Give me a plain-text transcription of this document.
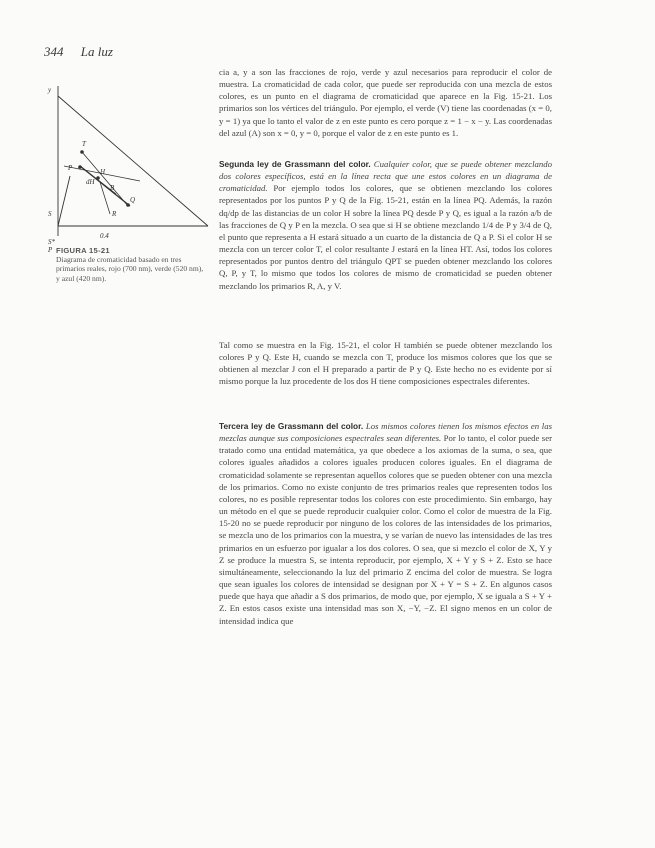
344 La luz
y
T
P	H
dH
Q
B
R
S
S*
P
0.4
FIGURA 15-21
Diagrama de cromaticidad basado en tres primarios reales, rojo (700 nm), verde (520 nm), y azul (420 nm).

cia a, y a son las fracciones de rojo, verde y azul necesarios para reproducir el color de muestra. La cromaticidad de cada color, que puede ser reproducida con una mezcla de estos colores, es un punto en el diagrama de cromaticidad que aparece en la Fig. 15-21. Los primarios son los vértices del triángulo. Por ejemplo, el verde (V) tiene las coordenadas (x = 0, y = 1) ya que lo tanto el valor de z en este punto es cero porque z = 1 − x − y. Las coordenadas del azul (A) son x = 0, y = 0, porque el valor de z en este punto es 1.

Segunda ley de Grassmann del color. Cualquier color, que se puede obtener mezclando dos colores específicos, está en la línea recta que une estos colores en un diagrama de cromaticidad. Por ejemplo todos los colores, que se obtienen mezclando los colores representados por los puntos P y Q de la Fig. 15-21, están en la línea PQ. Además, la razón dq/dp de las distancias de un color H sobre la línea PQ desde P y Q, es igual a la razón a/b de las fracciones de Q y P en la mezcla. O sea que si H se obtiene mezclando 1/4 de P y 3/4 de Q, el punto que representa a H estará situado a un cuarto de la distancia de Q a P. Si el color H se mezcla con un tercer color T, el color resultante J estará en la línea HT. Así, todos los colores representados por puntos dentro del triángulo QPT se pueden obtener mezclando los colores Q, P, y T, lo mismo que todos los colores de mismo de cromaticidad se pueden obtener mezclando los primarios R, A, y V.

Tal como se muestra en la Fig. 15-21, el color H también se puede obtener mezclando los colores P y Q. Este H, cuando se mezcla con T, produce los mismos colores que los que se obtienen al mezclar J con el H preparado a partir de P y Q. Este hecho no es evidente por sí mismo porque la luz procedente de los dos H tiene composiciones espectrales diferentes.

Tercera ley de Grassmann del color. Los mismos colores tienen los mismos efectos en las mezclas aunque sus composiciones espectrales sean diferentes. Por lo tanto, el color puede ser tratado como una entidad matemática, ya que obedece a los axiomas de la suma, o sea, que colores iguales añadidos a colores iguales producen colores iguales. En el diagrama de cromaticidad solamente se representan aquellos colores que se pueden obtener con una mezcla de los primarios. Como no existe conjunto de tres primarios reales que representen todos los colores, no es posible representar todos los colores con este procedimiento. Sin embargo, hay un método en el que se puede reproducir cualquier color. Como el color de muestra de la Fig. 15-20 no se puede reproducir por ninguno de los colores de las intensidades de los primarios, se mezcla uno de los primarios con la muestra, y se varían de nuevo las intensidades de las tres primarios en un esfuerzo por igualar a los dos colores. O sea, que si mezclo el color de X, Y y Z se produce la muestra S, se intenta reproducir, por ejemplo, X + Y y S + Z. Esto se hace simultáneamente, seleccionando la luz del primario Z encima del color de muestra. Se logra que sean iguales los colores de intensidad se designan por X + Y = S + Z. En algunos casos puede que haya que añadir a S dos primarios, de modo que, por ejemplo, X se iguala a S + Y + Z. En estos casos existe una intensidad mas son X, −Y, −Z. El signo menos en un color de intensidad indica que
